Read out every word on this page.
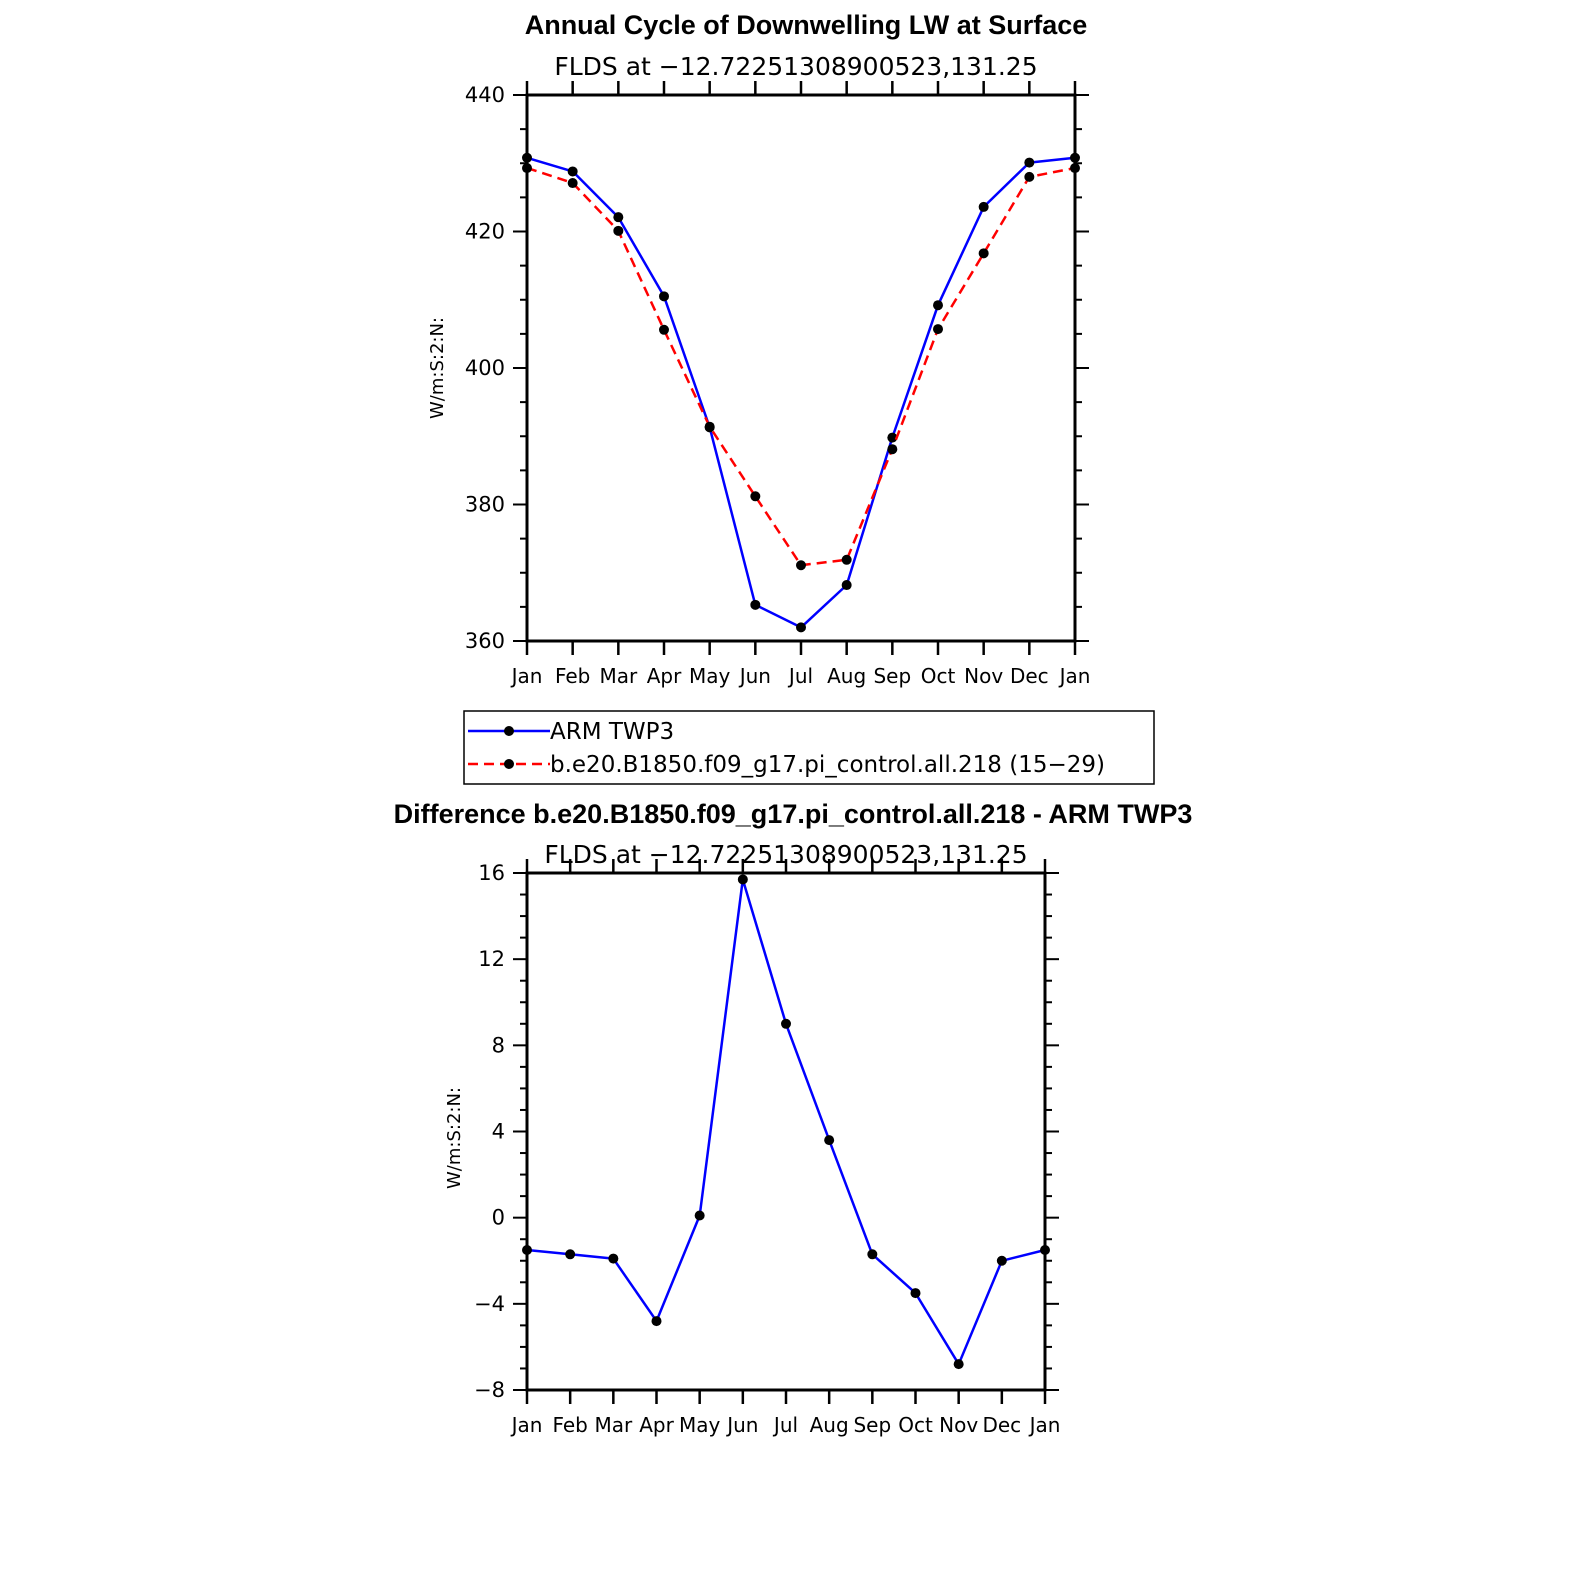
Annual Cycle of Downwelling LW at Surface
FLDS at −12.72251308900523,131.25
W/m:S:2:N:
Jan Feb Mar Apr May Jun Jul Aug Sep Oct Nov Dec Jan
360
380
400
420
440
ARM TWP3
b.e20.B1850.f09_g17.pi_control.all.218 (15−29)
Difference b.e20.B1850.f09_g17.pi_control.all.218 - ARM TWP3
FLDS at −12.72251308900523,131.25
W/m:S:2:N:
Jan Feb Mar Apr May Jun Jul Aug Sep Oct Nov Dec Jan
−8
−4
0
4
8
12
16
